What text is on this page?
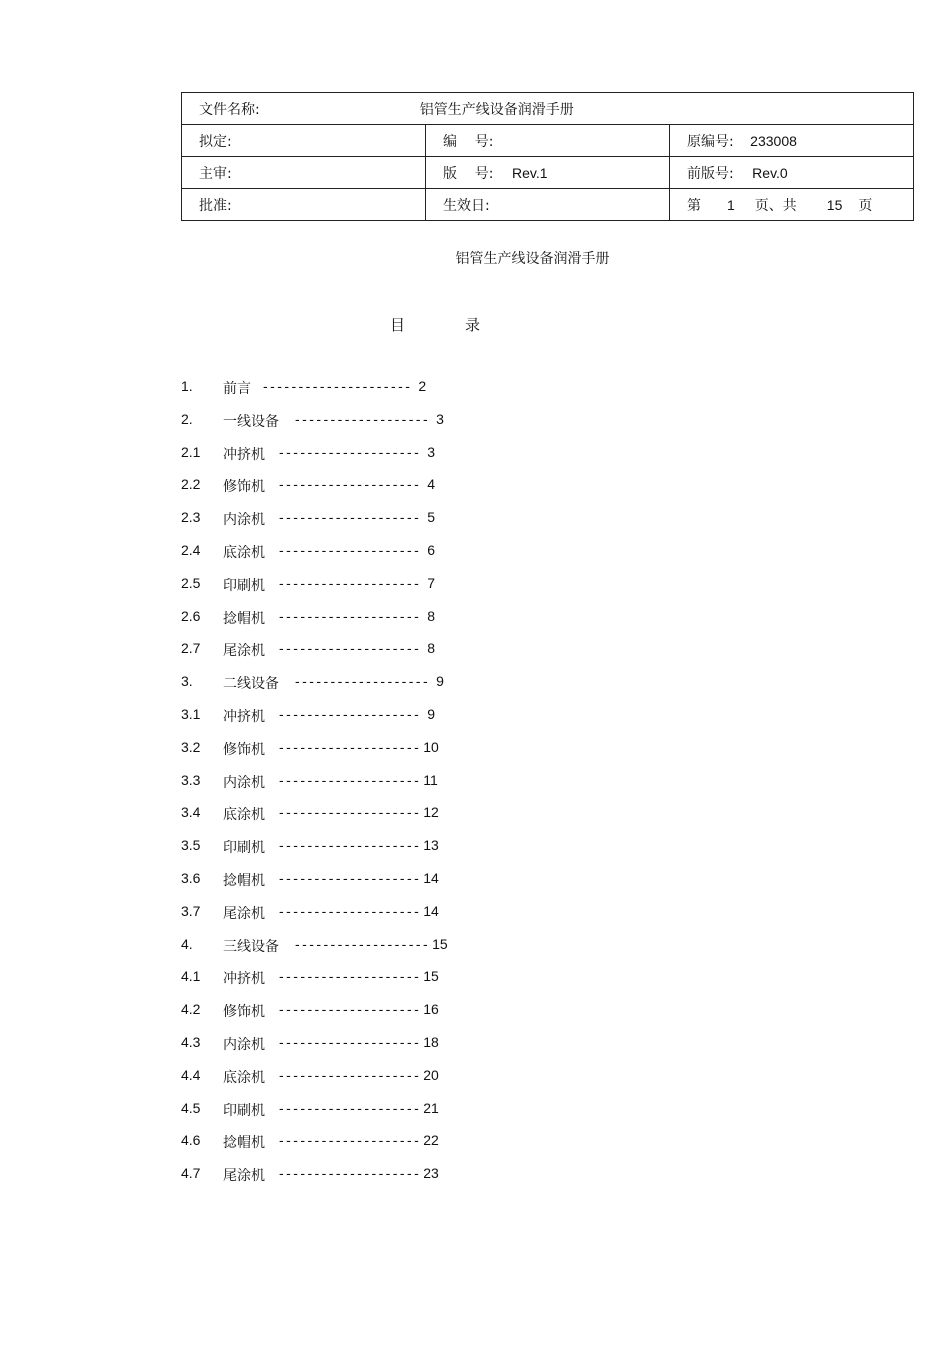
文件名称: 铝管生产线设备润滑手册		

拟定:	编    号:	原编号: 233008
主审:	版    号: Rev.1	前版号: Rev.0
批准:	生效日:	第 1 页、共 15 页
铝管生产线设备润滑手册
目	录
1.	前言 --------------------- 2
2.	一线设备 ------------------- 3
2.1	冲挤机 -------------------- 3
2.2	修饰机 -------------------- 4
2.3	内涂机 -------------------- 5
2.4	底涂机 -------------------- 6
2.5	印刷机 -------------------- 7
2.6	捻帽机 -------------------- 8
2.7	尾涂机 -------------------- 8
3.	二线设备 ------------------- 9
3.1	冲挤机 -------------------- 9
3.2	修饰机 -------------------- 10
3.3	内涂机 -------------------- 11
3.4	底涂机 -------------------- 12
3.5	印刷机 -------------------- 13
3.6	捻帽机 -------------------- 14
3.7	尾涂机 -------------------- 14
4.	三线设备 ------------------- 15
4.1	冲挤机 -------------------- 15
4.2	修饰机 -------------------- 16
4.3	内涂机 -------------------- 18
4.4	底涂机 -------------------- 20
4.5	印刷机 -------------------- 21
4.6	捻帽机 -------------------- 22
4.7	尾涂机 -------------------- 23
